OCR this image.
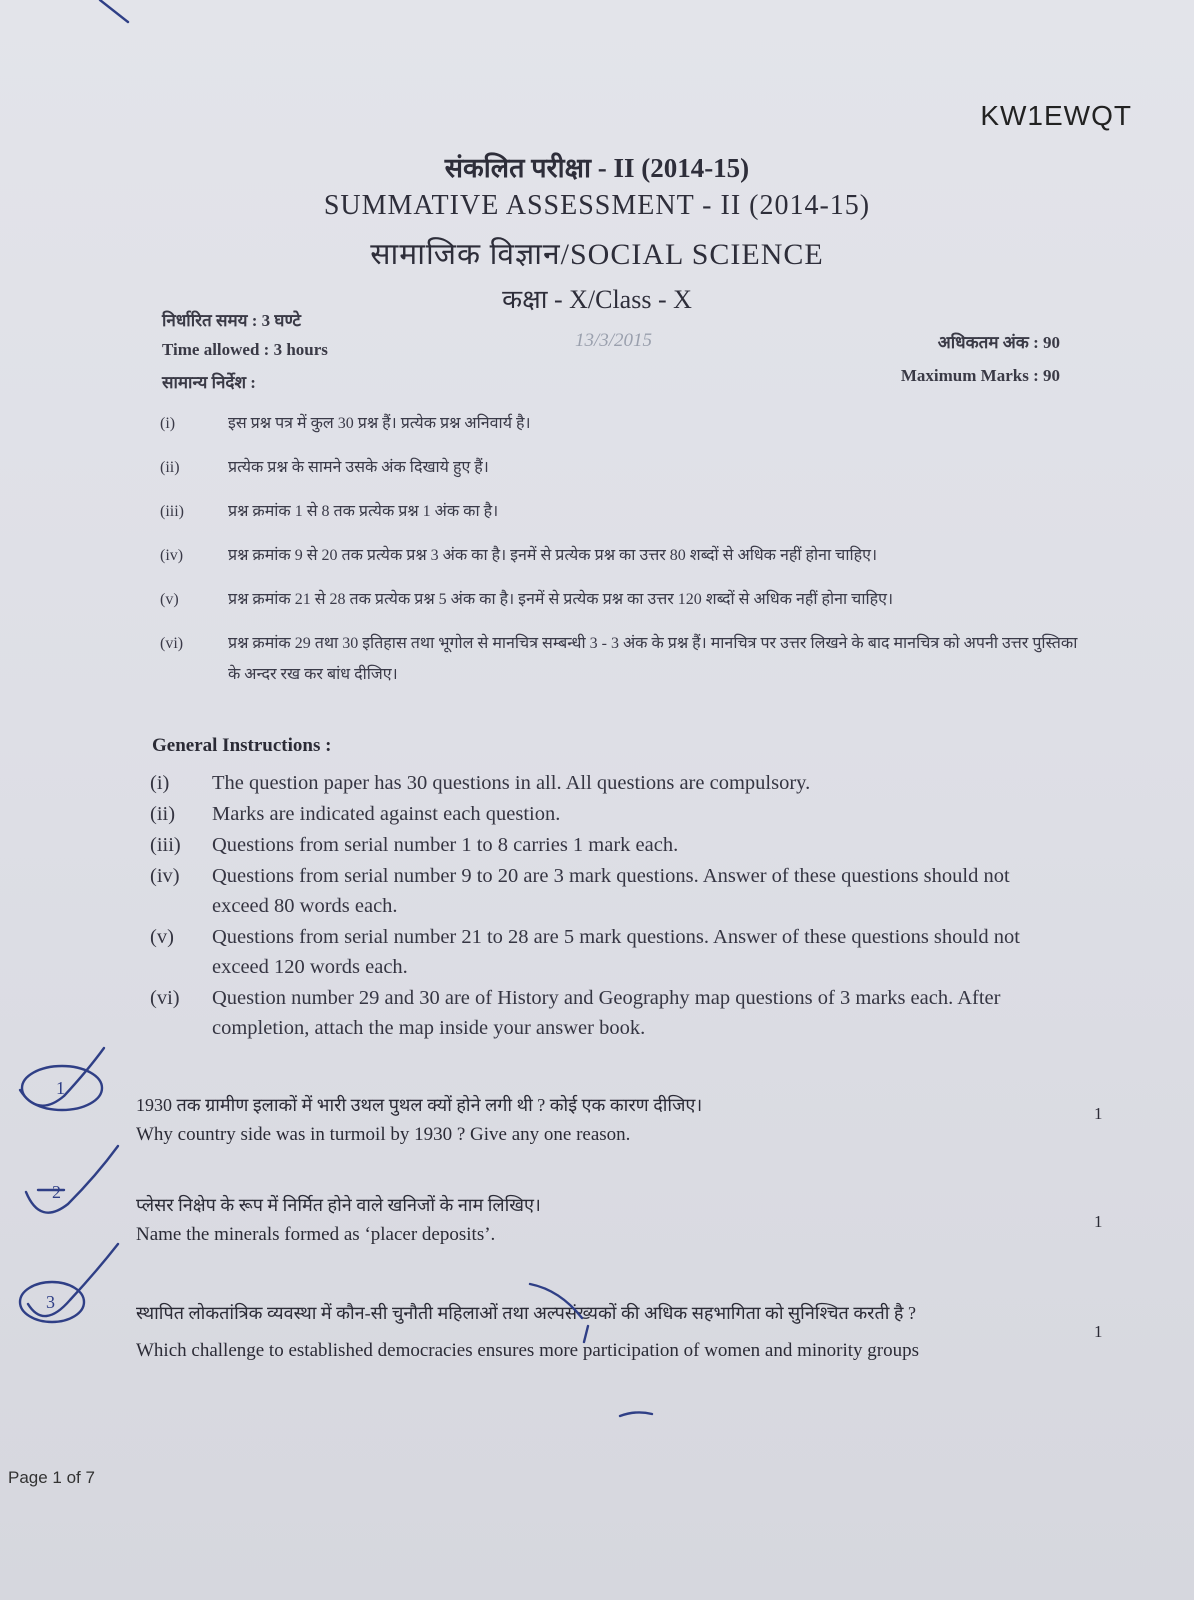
KW1EWQT
संकलित परीक्षा - II (2014-15)
SUMMATIVE ASSESSMENT - II (2014-15)
सामाजिक विज्ञान/SOCIAL SCIENCE
कक्षा - X/Class - X
निर्धारित समय : 3 घण्टे
Time allowed : 3 hours
सामान्य निर्देश :
अधिकतम अंक : 90
Maximum Marks : 90
13/3/2015
(i)	इस प्रश्न पत्र में कुल 30 प्रश्न हैं। प्रत्येक प्रश्न अनिवार्य है।
(ii)	प्रत्येक प्रश्न के सामने उसके अंक दिखाये हुए हैं।
(iii)	प्रश्न क्रमांक 1 से 8 तक प्रत्येक प्रश्न 1 अंक का है।
(iv)	प्रश्न क्रमांक 9 से 20 तक प्रत्येक प्रश्न 3 अंक का है। इनमें से प्रत्येक प्रश्न का उत्तर 80 शब्दों से अधिक नहीं होना चाहिए।
(v)	प्रश्न क्रमांक 21 से 28 तक प्रत्येक प्रश्न 5 अंक का है। इनमें से प्रत्येक प्रश्न का उत्तर 120 शब्दों से अधिक नहीं होना चाहिए।
(vi)	प्रश्न क्रमांक 29 तथा 30 इतिहास तथा भूगोल से मानचित्र सम्बन्धी 3 - 3 अंक के प्रश्न हैं। मानचित्र पर उत्तर लिखने के बाद मानचित्र को अपनी उत्तर पुस्तिका के अन्दर रख कर बांध दीजिए।
General Instructions :
(i)	The question paper has 30 questions in all. All questions are compulsory.
(ii)	Marks are indicated against each question.
(iii)	Questions from serial number 1 to 8 carries 1 mark each.
(iv)	Questions from serial number 9 to 20 are 3 mark questions. Answer of these questions should not exceed 80 words each.
(v)	Questions from serial number 21 to 28 are 5 mark questions. Answer of these questions should not exceed 120 words each.
(vi)	Question number 29 and 30 are of History and Geography map questions of 3 marks each. After completion, attach the map inside your answer book.
1930 तक ग्रामीण इलाकों में भारी उथल पुथल क्यों होने लगी थी ? कोई एक कारण दीजिए।
Why country side was in turmoil by 1930 ? Give any one reason.
1
प्लेसर निक्षेप के रूप में निर्मित होने वाले खनिजों के नाम लिखिए।
Name the minerals formed as ‘placer deposits’.
1
स्थापित लोकतांत्रिक व्यवस्था में कौन-सी चुनौती महिलाओं तथा अल्पसंख्यकों की अधिक सहभागिता को सुनिश्चित करती है ?
Which challenge to established democracies ensures more participation of women and minority groups
1
1
2
3
Page 1 of 7
